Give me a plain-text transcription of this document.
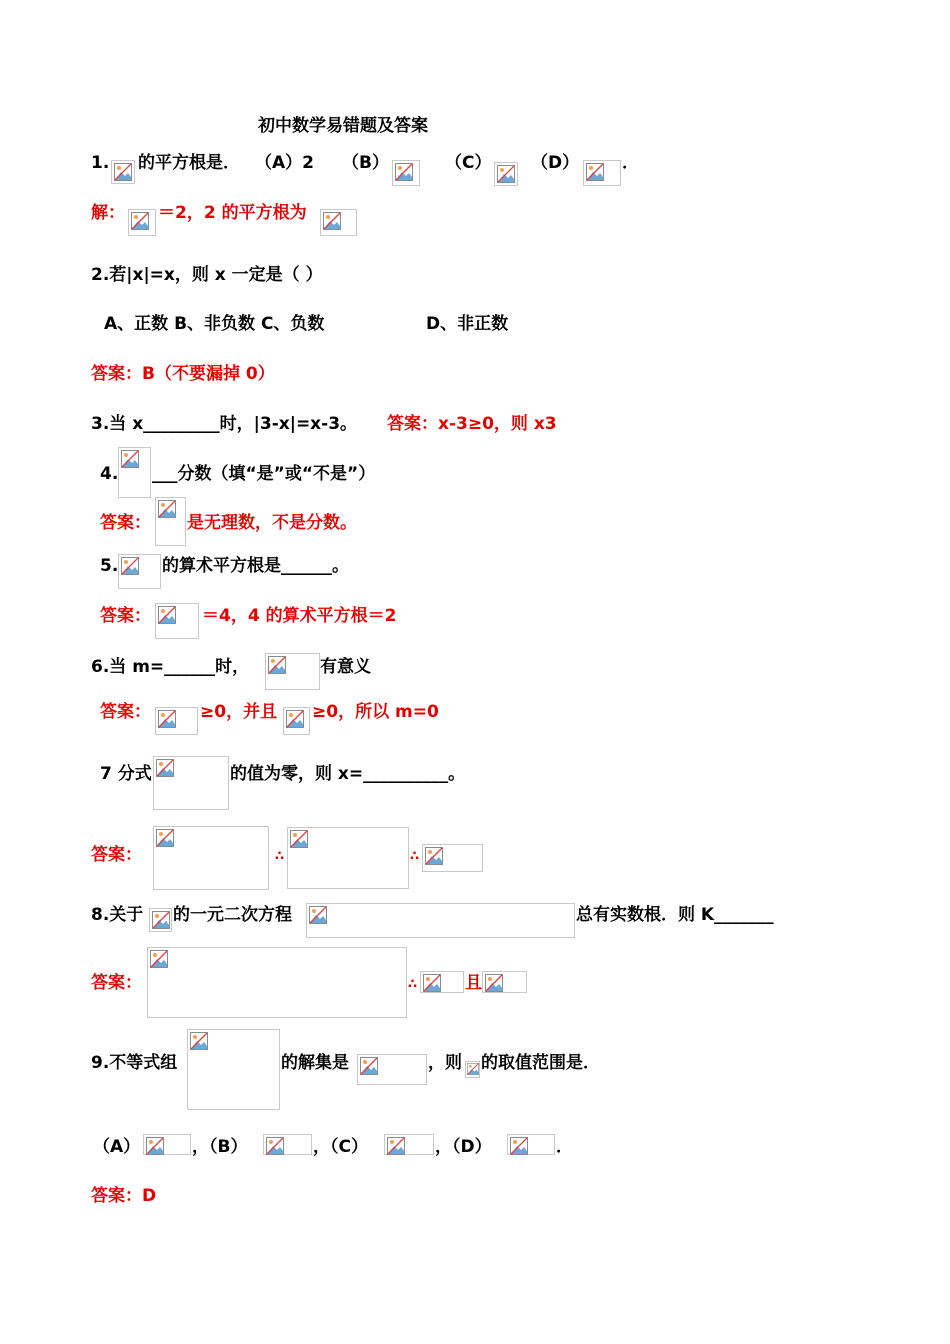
初中数学易错题及答案
1. 的平方根是． （A）2 （B）	（C） （D）	．
解： ＝2，2 的平方根为
2.若|x|=x，则 x 一定是（ ）
A、正数 B、非负数 C、负数	D、非正数
答案：B（不要漏掉 0）
3.当 x_________时，|3-x|=x-3。 答案：x-3≥0，则 x3
4. ___分数（填“是”或“不是”）
答案： 是无理数，不是分数。
5.	的算术平方根是______。
答案：	＝4，4 的算术平方根＝2
6.当 m=______时，	有意义
答案：	≥0，并且 ≥0，所以 m=0
7 分式	的值为零，则 x=__________。
答案：	∴	∴
8.关于 的一元二次方程	总有实数根．则 K_______
答案：	∴	且
9.不等式组	的解集是	，则 的取值范围是．
（A）	，（B）	，（C）	，（D）	．
答案：D
